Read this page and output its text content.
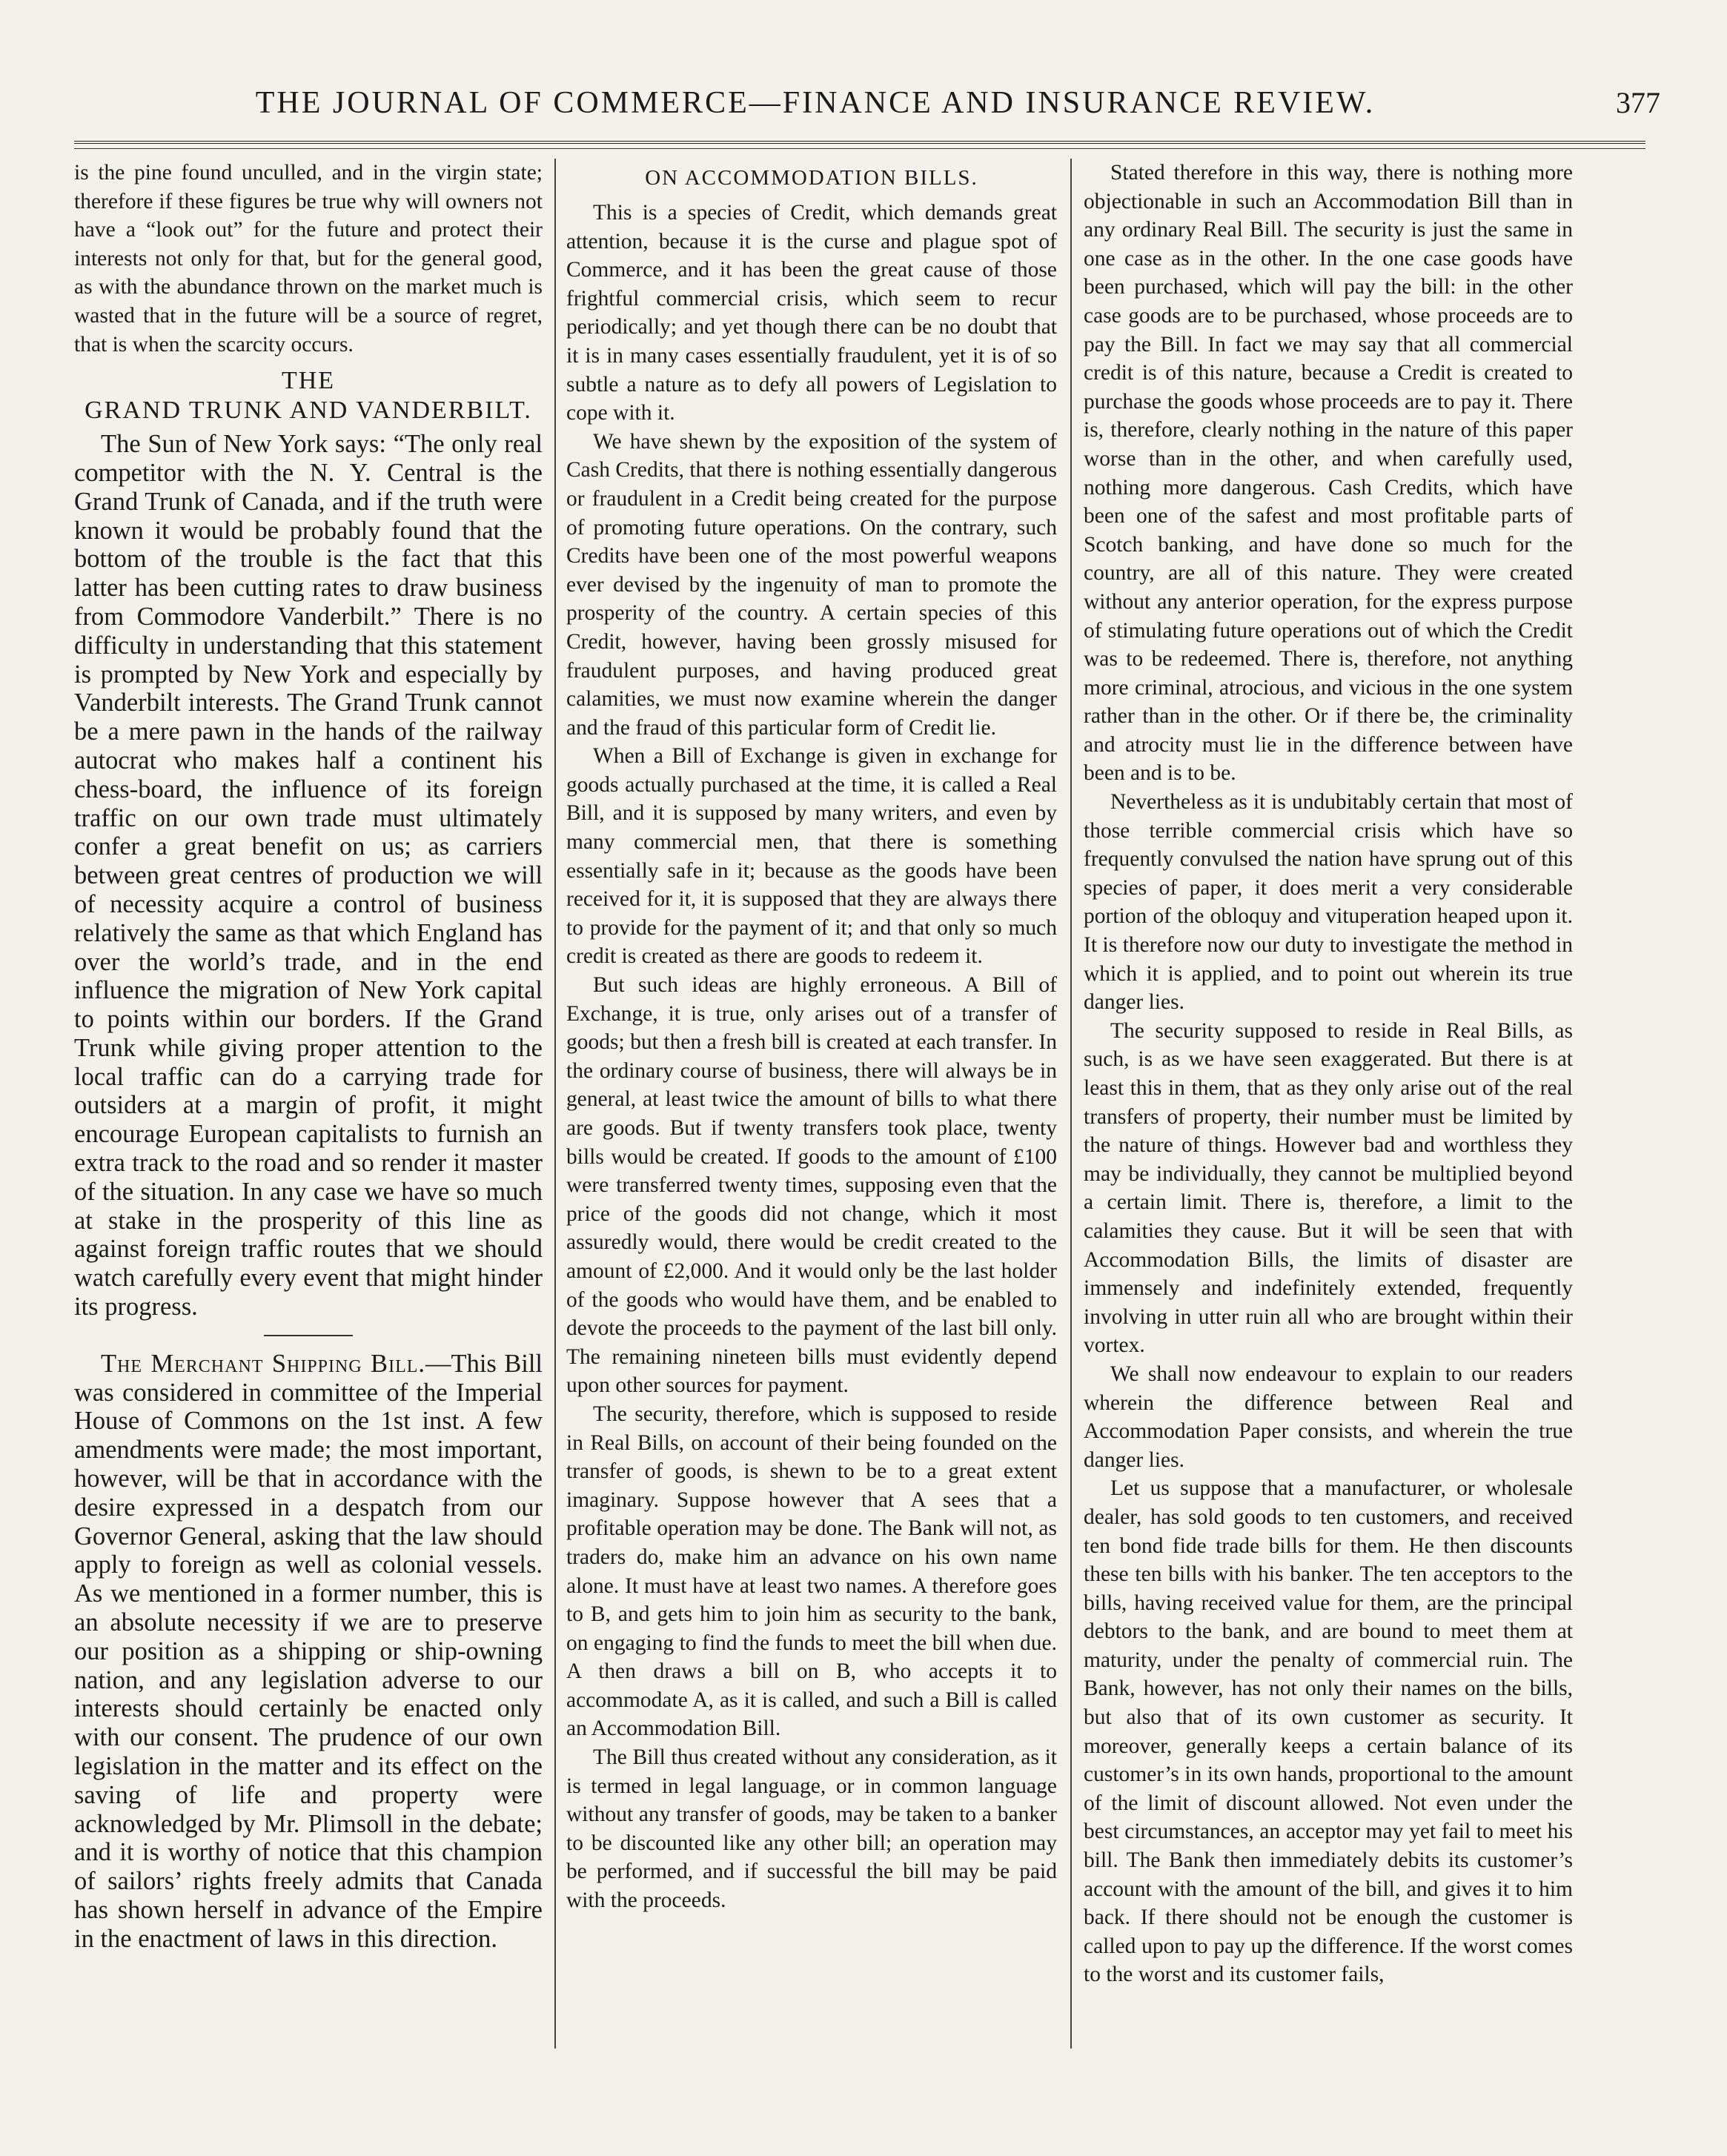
THE JOURNAL OF COMMERCE—FINANCE AND INSURANCE REVIEW.	377

is the pine found unculled, and in the virgin state; therefore if these figures be true why will owners not have a “look out” for the future and protect their interests not only for that, but for the general good, as with the abundance thrown on the market much is wasted that in the future will be a source of regret, that is when the scarcity occurs.

THE
GRAND TRUNK AND VANDERBILT.

The Sun of New York says: “The only real competitor with the N. Y. Central is the Grand Trunk of Canada, and if the truth were known it would be probably found that the bottom of the trouble is the fact that this latter has been cutting rates to draw business from Commodore Vanderbilt.” There is no difficulty in understanding that this statement is prompted by New York and especially by Vanderbilt interests. The Grand Trunk cannot be a mere pawn in the hands of the railway autocrat who makes half a continent his chess-board, the influence of its foreign traffic on our own trade must ultimately confer a great benefit on us; as carriers between great centres of production we will of necessity acquire a control of business relatively the same as that which England has over the world’s trade, and in the end influence the migration of New York capital to points within our borders. If the Grand Trunk while giving proper attention to the local traffic can do a carrying trade for outsiders at a margin of profit, it might encourage European capitalists to furnish an extra track to the road and so render it master of the situation. In any case we have so much at stake in the prosperity of this line as against foreign traffic routes that we should watch carefully every event that might hinder its progress.

The Merchant Shipping Bill.—This Bill was considered in committee of the Imperial House of Commons on the 1st inst. A few amendments were made; the most important, however, will be that in accordance with the desire expressed in a despatch from our Governor General, asking that the law should apply to foreign as well as colonial vessels. As we mentioned in a former number, this is an absolute necessity if we are to preserve our position as a shipping or ship-owning nation, and any legislation adverse to our interests should certainly be enacted only with our consent. The prudence of our own legislation in the matter and its effect on the saving of life and property were acknowledged by Mr. Plimsoll in the debate; and it is worthy of notice that this champion of sailors’ rights freely admits that Canada has shown herself in advance of the Empire in the enactment of laws in this direction.

ON ACCOMMODATION BILLS.

This is a species of Credit, which demands great attention, because it is the curse and plague spot of Commerce, and it has been the great cause of those frightful commercial crisis, which seem to recur periodically; and yet though there can be no doubt that it is in many cases essentially fraudulent, yet it is of so subtle a nature as to defy all powers of Legislation to cope with it.

We have shewn by the exposition of the system of Cash Credits, that there is nothing essentially dangerous or fraudulent in a Credit being created for the purpose of promoting future operations. On the contrary, such Credits have been one of the most powerful weapons ever devised by the ingenuity of man to promote the prosperity of the country. A certain species of this Credit, however, having been grossly misused for fraudulent purposes, and having produced great calamities, we must now examine wherein the danger and the fraud of this particular form of Credit lie.

When a Bill of Exchange is given in exchange for goods actually purchased at the time, it is called a Real Bill, and it is supposed by many writers, and even by many commercial men, that there is something essentially safe in it; because as the goods have been received for it, it is supposed that they are always there to provide for the payment of it; and that only so much credit is created as there are goods to redeem it.

But such ideas are highly erroneous. A Bill of Exchange, it is true, only arises out of a transfer of goods; but then a fresh bill is created at each transfer. In the ordinary course of business, there will always be in general, at least twice the amount of bills to what there are goods. But if twenty transfers took place, twenty bills would be created. If goods to the amount of £100 were transferred twenty times, supposing even that the price of the goods did not change, which it most assuredly would, there would be credit created to the amount of £2,000. And it would only be the last holder of the goods who would have them, and be enabled to devote the proceeds to the payment of the last bill only. The remaining nineteen bills must evidently depend upon other sources for payment.

The security, therefore, which is supposed to reside in Real Bills, on account of their being founded on the transfer of goods, is shewn to be to a great extent imaginary. Suppose however that A sees that a profitable operation may be done. The Bank will not, as traders do, make him an advance on his own name alone. It must have at least two names. A therefore goes to B, and gets him to join him as security to the bank, on engaging to find the funds to meet the bill when due. A then draws a bill on B, who accepts it to accommodate A, as it is called, and such a Bill is called an Accommodation Bill.

The Bill thus created without any consideration, as it is termed in legal language, or in common language without any transfer of goods, may be taken to a banker to be discounted like any other bill; an operation may be performed, and if successful the bill may be paid with the proceeds.

Stated therefore in this way, there is nothing more objectionable in such an Accommodation Bill than in any ordinary Real Bill. The security is just the same in one case as in the other. In the one case goods have been purchased, which will pay the bill: in the other case goods are to be purchased, whose proceeds are to pay the Bill. In fact we may say that all commercial credit is of this nature, because a Credit is created to purchase the goods whose proceeds are to pay it. There is, therefore, clearly nothing in the nature of this paper worse than in the other, and when carefully used, nothing more dangerous. Cash Credits, which have been one of the safest and most profitable parts of Scotch banking, and have done so much for the country, are all of this nature. They were created without any anterior operation, for the express purpose of stimulating future operations out of which the Credit was to be redeemed. There is, therefore, not anything more criminal, atrocious, and vicious in the one system rather than in the other. Or if there be, the criminality and atrocity must lie in the difference between have been and is to be.

Nevertheless as it is undubitably certain that most of those terrible commercial crisis which have so frequently convulsed the nation have sprung out of this species of paper, it does merit a very considerable portion of the obloquy and vituperation heaped upon it. It is therefore now our duty to investigate the method in which it is applied, and to point out wherein its true danger lies.

The security supposed to reside in Real Bills, as such, is as we have seen exaggerated. But there is at least this in them, that as they only arise out of the real transfers of property, their number must be limited by the nature of things. However bad and worthless they may be individually, they cannot be multiplied beyond a certain limit. There is, therefore, a limit to the calamities they cause. But it will be seen that with Accommodation Bills, the limits of disaster are immensely and indefinitely extended, frequently involving in utter ruin all who are brought within their vortex.

We shall now endeavour to explain to our readers wherein the difference between Real and Accommodation Paper consists, and wherein the true danger lies.

Let us suppose that a manufacturer, or wholesale dealer, has sold goods to ten customers, and received ten bond fide trade bills for them. He then discounts these ten bills with his banker. The ten acceptors to the bills, having received value for them, are the principal debtors to the bank, and are bound to meet them at maturity, under the penalty of commercial ruin. The Bank, however, has not only their names on the bills, but also that of its own customer as security. It moreover, generally keeps a certain balance of its customer’s in its own hands, proportional to the amount of the limit of discount allowed. Not even under the best circumstances, an acceptor may yet fail to meet his bill. The Bank then immediately debits its customer’s account with the amount of the bill, and gives it to him back. If there should not be enough the customer is called upon to pay up the difference. If the worst comes to the worst and its customer fails,
